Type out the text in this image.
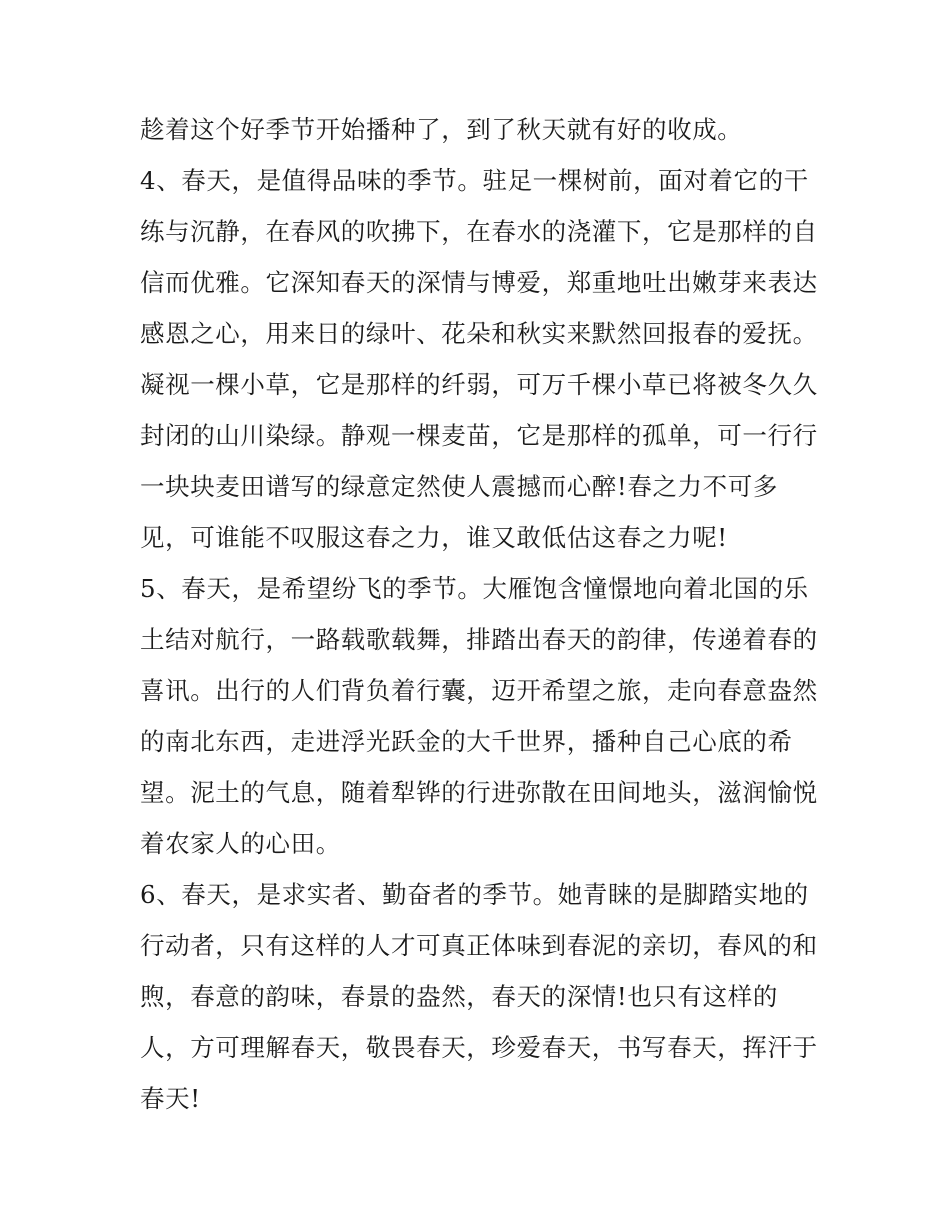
趁着这个好季节开始播种了，到了秋天就有好的收成。
4、春天，是值得品味的季节。驻足一棵树前，面对着它的干
练与沉静，在春风的吹拂下，在春水的浇灌下，它是那样的自
信而优雅。它深知春天的深情与博爱，郑重地吐出嫩芽来表达
感恩之心，用来日的绿叶、花朵和秋实来默然回报春的爱抚。
凝视一棵小草，它是那样的纤弱，可万千棵小草已将被冬久久
封闭的山川染绿。静观一棵麦苗，它是那样的孤单，可一行行
一块块麦田谱写的绿意定然使人震撼而心醉!春之力不可多
见，可谁能不叹服这春之力，谁又敢低估这春之力呢!
5、春天，是希望纷飞的季节。大雁饱含憧憬地向着北国的乐
土结对航行，一路载歌载舞，排踏出春天的韵律，传递着春的
喜讯。出行的人们背负着行囊，迈开希望之旅，走向春意盎然
的南北东西，走进浮光跃金的大千世界，播种自己心底的希
望。泥土的气息，随着犁铧的行进弥散在田间地头，滋润愉悦
着农家人的心田。
6、春天，是求实者、勤奋者的季节。她青睐的是脚踏实地的
行动者，只有这样的人才可真正体味到春泥的亲切，春风的和
煦，春意的韵味，春景的盎然，春天的深情!也只有这样的
人，方可理解春天，敬畏春天，珍爱春天，书写春天，挥汗于
春天!
